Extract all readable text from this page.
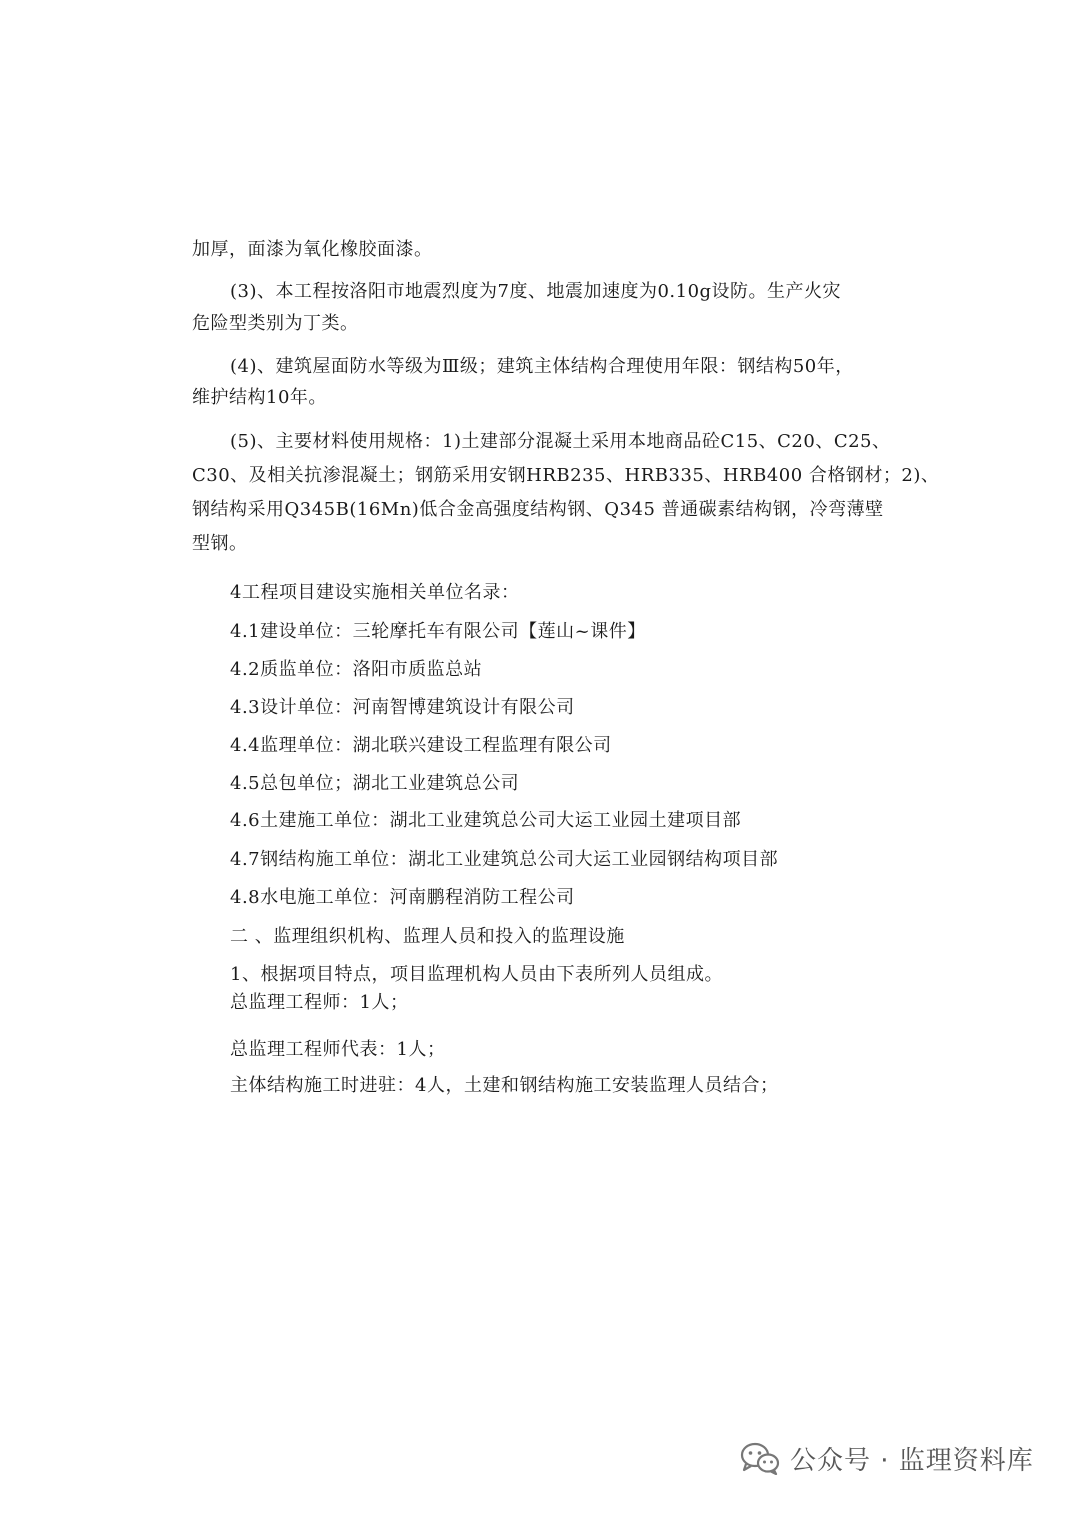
加厚，面漆为氧化橡胶面漆。
(3)、本工程按洛阳市地震烈度为7度、地震加速度为0.10g设防。生产火灾
危险型类别为丁类。
(4)、建筑屋面防水等级为Ⅲ级；建筑主体结构合理使用年限：钢结构50年，
维护结构10年。
(5)、主要材料使用规格：1)土建部分混凝土采用本地商品砼C15、C20、C25、
C30、及相关抗渗混凝土；钢筋采用安钢HRB235、HRB335、HRB400 合格钢材；2)、
钢结构采用Q345B(16Mn)低合金高强度结构钢、Q345 普通碳素结构钢，冷弯薄壁
型钢。
4工程项目建设实施相关单位名录：
4.1建设单位：三轮摩托车有限公司【莲山~课件】
4.2质监单位：洛阳市质监总站
4.3设计单位：河南智博建筑设计有限公司
4.4监理单位：湖北联兴建设工程监理有限公司
4.5总包单位；湖北工业建筑总公司
4.6土建施工单位：湖北工业建筑总公司大运工业园土建项目部
4.7钢结构施工单位：湖北工业建筑总公司大运工业园钢结构项目部
4.8水电施工单位：河南鹏程消防工程公司
二 、监理组织机构、监理人员和投入的监理设施
1、根据项目特点，项目监理机构人员由下表所列人员组成。
总监理工程师：1人；
总监理工程师代表：1人；
主体结构施工时进驻：4人，土建和钢结构施工安装监理人员结合；
公众号 · 监理资料库
